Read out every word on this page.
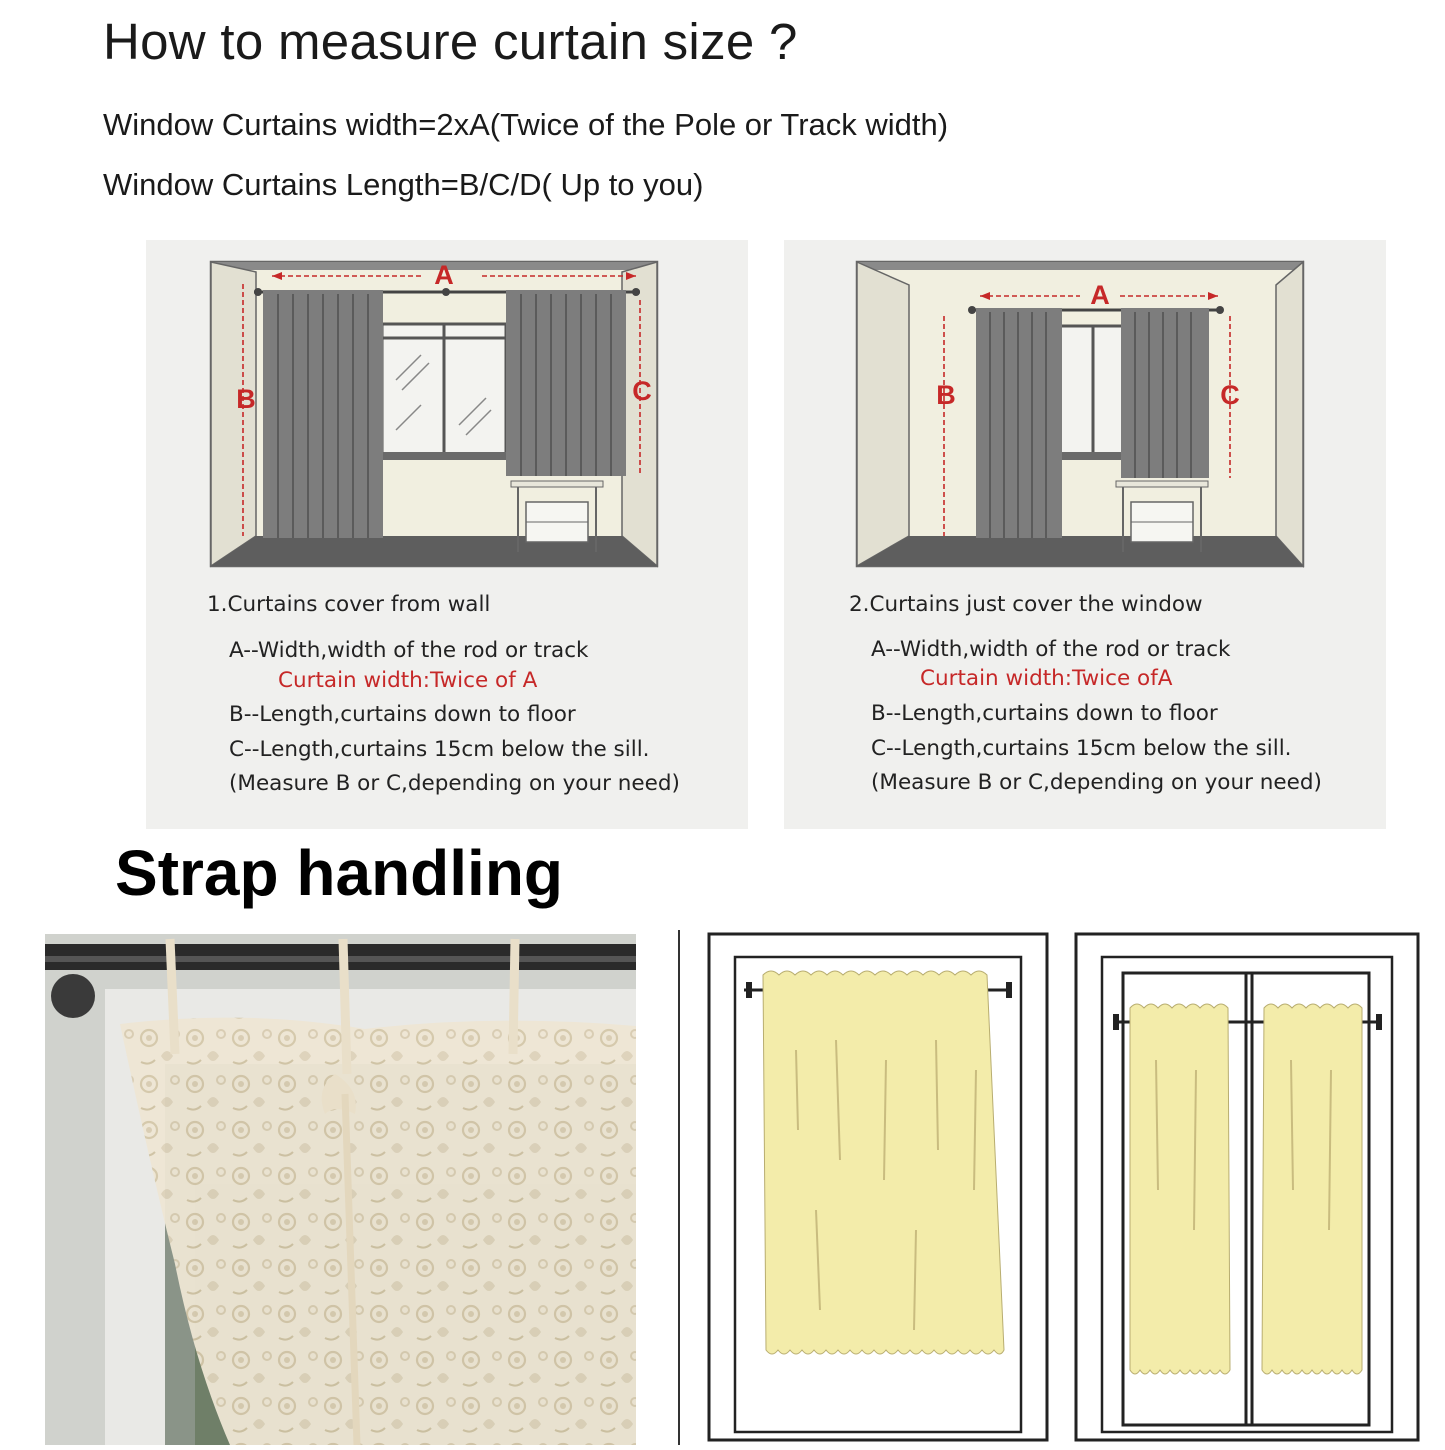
How to measure curtain size ?
Window Curtains width=2xA(Twice of the Pole or Track width)
Window Curtains Length=B/C/D( Up to you)
A
B	C
1.Curtains cover from wall
A--Width,width of the rod or track
Curtain width:Twice of A
B--Length,curtains down to floor
C--Length,curtains 15cm below the sill.
(Measure B or C,depending on your need)
A
B	C
2.Curtains just cover the window
A--Width,width of the rod or track
Curtain width:Twice ofA
B--Length,curtains down to floor
C--Length,curtains 15cm below the sill.
(Measure B or C,depending on your need)
Strap handling
